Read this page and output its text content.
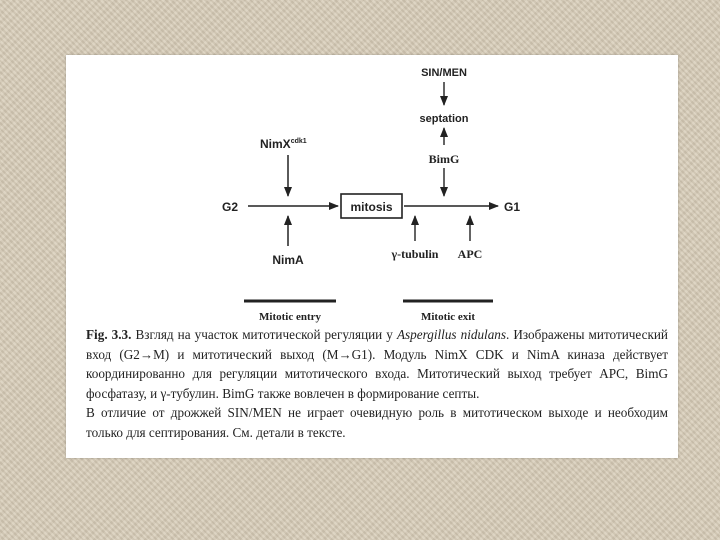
G2	G1
mitosis
NimX$^{cdk1}$
NimA
SIN/MEN
septation
BimG
γ-tubulin APC
Mitotic entry	Mitotic exit

Fig. 3.3. Взгляд на участок митотической регуляции у Aspergillus nidulans. Изображены митотический вход (G2→M) и митотический выход (M→G1). Модуль NimX CDK и NimA киназа действует координированно для регуляции митотического входа. Митотический выход требует APC, BimG фосфатазу, и γ-тубулин. BimG также вовлечен в формирование септы.

В отличие от дрожжей SIN/MEN не играет очевидную роль в митотическом выходе и необходим только для септирования. См. детали в тексте.
